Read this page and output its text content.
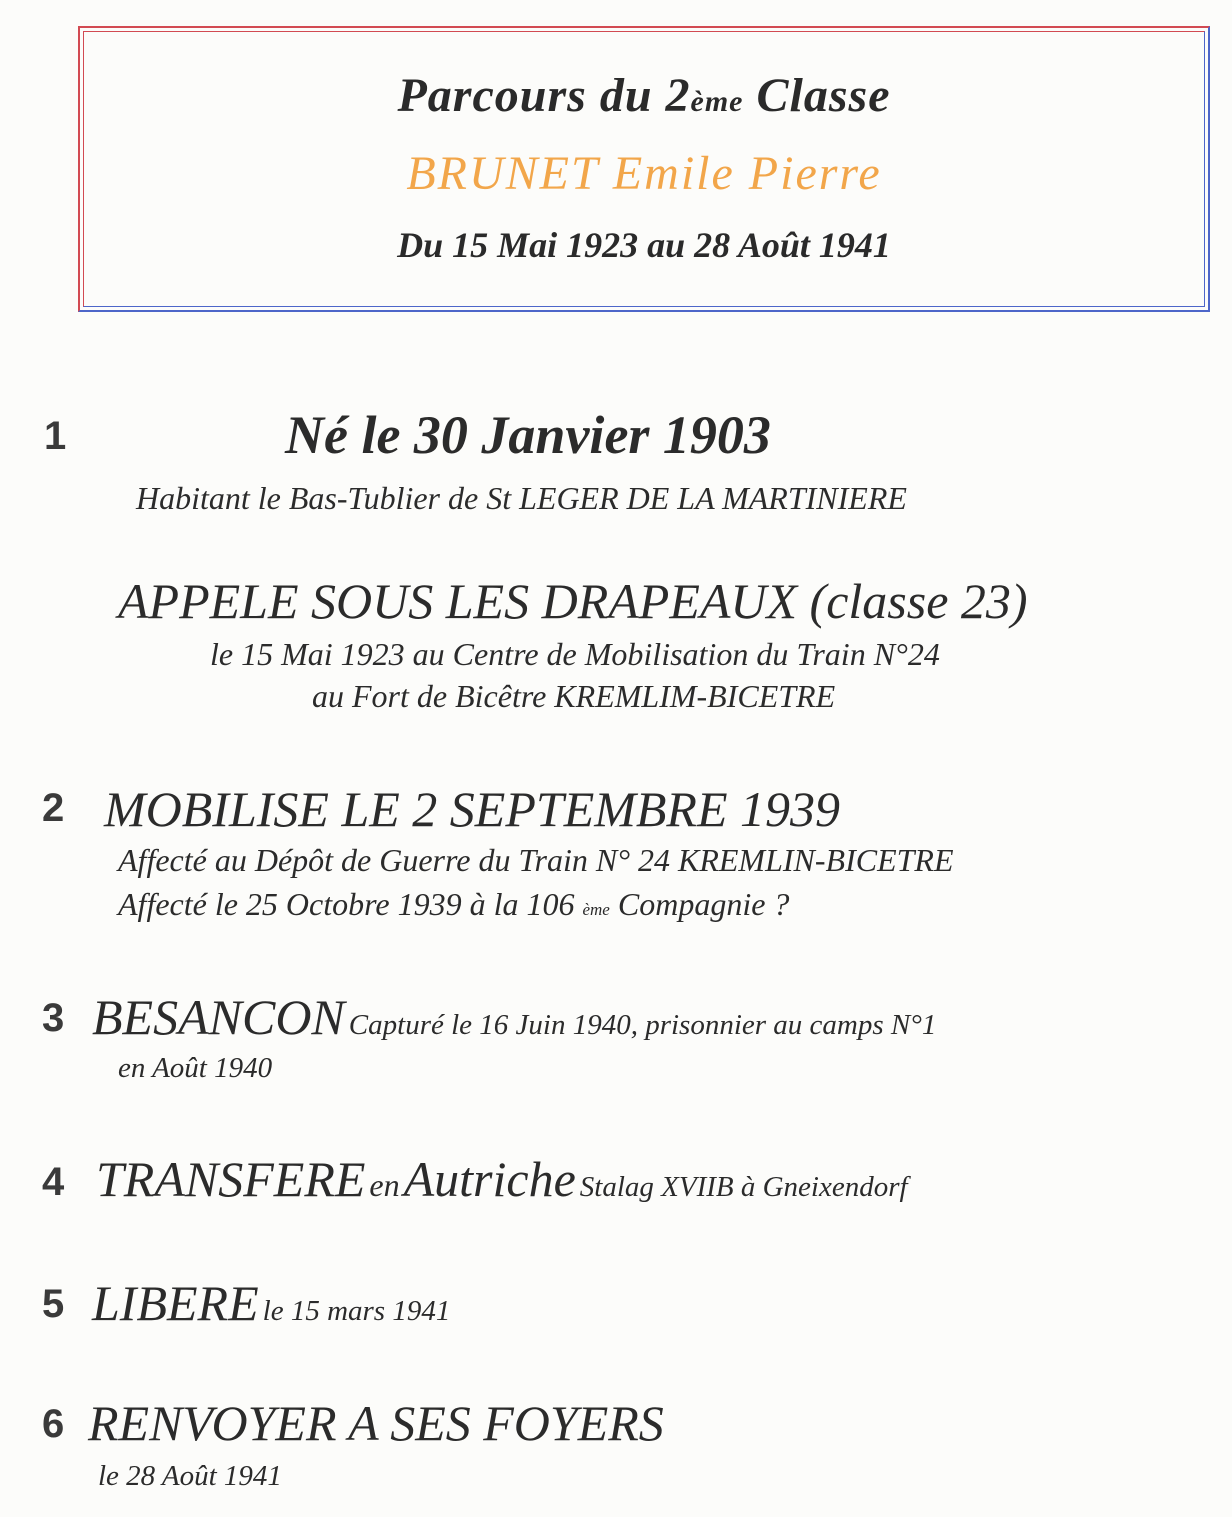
Parcours du 2ème Classe
BRUNET Emile Pierre
Du 15 Mai 1923 au 28 Août 1941
1	Né le 30 Janvier 1903
Habitant le Bas-Tublier de St LEGER DE LA MARTINIERE
APPELE SOUS LES DRAPEAUX (classe 23)
le 15 Mai 1923 au Centre de Mobilisation du Train N°24
au Fort de Bicêtre KREMLIM-BICETRE
2 MOBILISE LE 2 SEPTEMBRE 1939
Affecté au Dépôt de Guerre du Train N° 24 KREMLIN-BICETRE
Affecté le 25 Octobre 1939 à la 106 ème Compagnie ?
3 BESANCON Capturé le 16 Juin 1940, prisonnier au camps N°1
en Août 1940
4 TRANSFERE en Autriche Stalag XVIIB à Gneixendorf
5 LIBERE le 15 mars 1941
6 RENVOYER A SES FOYERS
le 28 Août 1941
